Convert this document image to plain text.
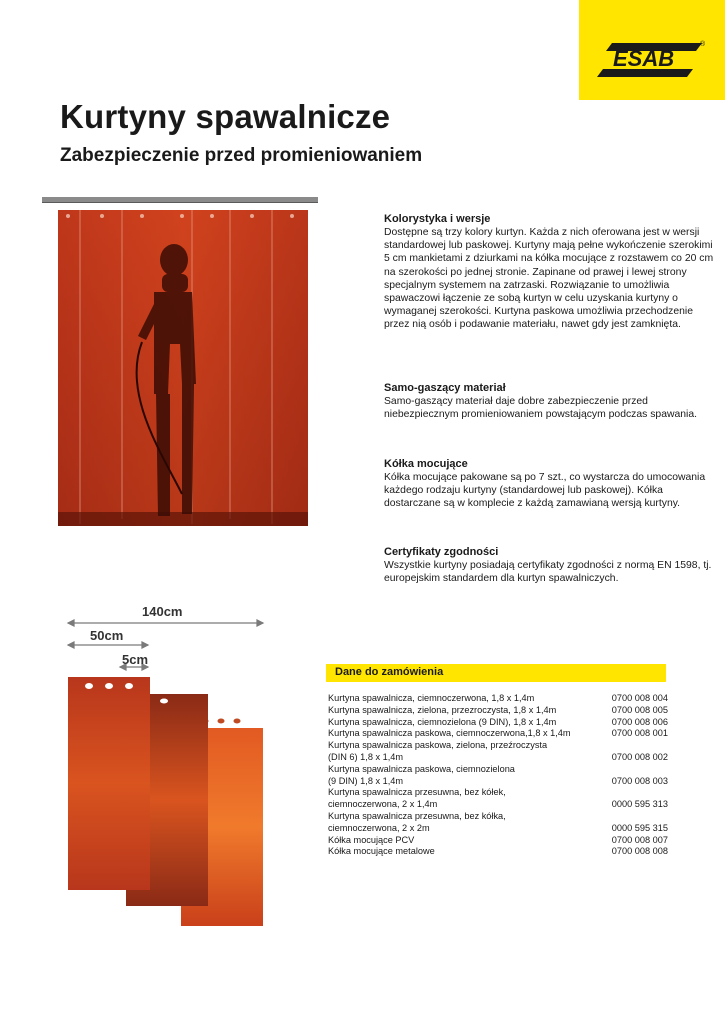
ESAB
®
Kurtyny spawalnicze
Zabezpieczenie przed promieniowaniem
Kolorystyka i wersje

Dostępne są trzy kolory kurtyn. Każda z nich oferowana jest w wersji standardowej lub paskowej. Kurtyny mają pełne wykończenie szerokimi 5 cm mankietami z dziurkami na kółka mocujące z rozstawem co 20 cm na szerokości po jednej stronie. Zapinane od prawej i lewej strony specjalnym systemem na zatrzaski. Rozwiązanie to umożliwia spawaczowi łączenie ze sobą kurtyn w celu uzyskania kurtyny o wymaganej szerokości. Kurtyna paskowa umożliwia przechodzenie przez nią osób i podawanie materiału, nawet gdy jest zamknięta.

Samo-gaszący materiał

Samo-gaszący materiał daje dobre zabezpieczenie przed niebezpiecznym promieniowaniem powstającym podczas spawania.

Kółka mocujące

Kółka mocujące pakowane są po 7 szt., co wystarcza do umocowania każdego rodzaju kurtyny (standardowej lub paskowej). Kółka dostarczane są w komplecie z każdą zamawianą wersją kurtyny.

Certyfikaty zgodności

Wszystkie kurtyny posiadają certyfikaty zgodności z normą EN 1598, tj. europejskim standardem dla kurtyn spawalniczych.

140cm
50cm
5cm
Dane do zamówienia
Kurtyna spawalnicza, ciemnoczerwona, 1,8 x 1,4m	0700 008 004
Kurtyna spawalnicza, zielona, przezroczysta, 1,8 x 1,4m	0700 008 005
Kurtyna spawalnicza, ciemnozielona (9 DIN), 1,8 x 1,4m	0700 008 006
Kurtyna spawalnicza paskowa, ciemnoczerwona,1,8 x 1,4m	0700 008 001
Kurtyna spawalnicza paskowa, zielona, przeźroczysta
(DIN 6) 1,8 x 1,4m	0700 008 002
Kurtyna spawalnicza paskowa, ciemnozielona
(9 DIN) 1,8 x 1,4m	0700 008 003
Kurtyna spawalnicza przesuwna, bez kółek,
ciemnoczerwona, 2 x 1,4m	0000 595 313
Kurtyna spawalnicza przesuwna, bez kółka,
ciemnoczerwona, 2 x 2m	0000 595 315
Kółka mocujące PCV	0700 008 007
Kółka mocujące metalowe	0700 008 008
